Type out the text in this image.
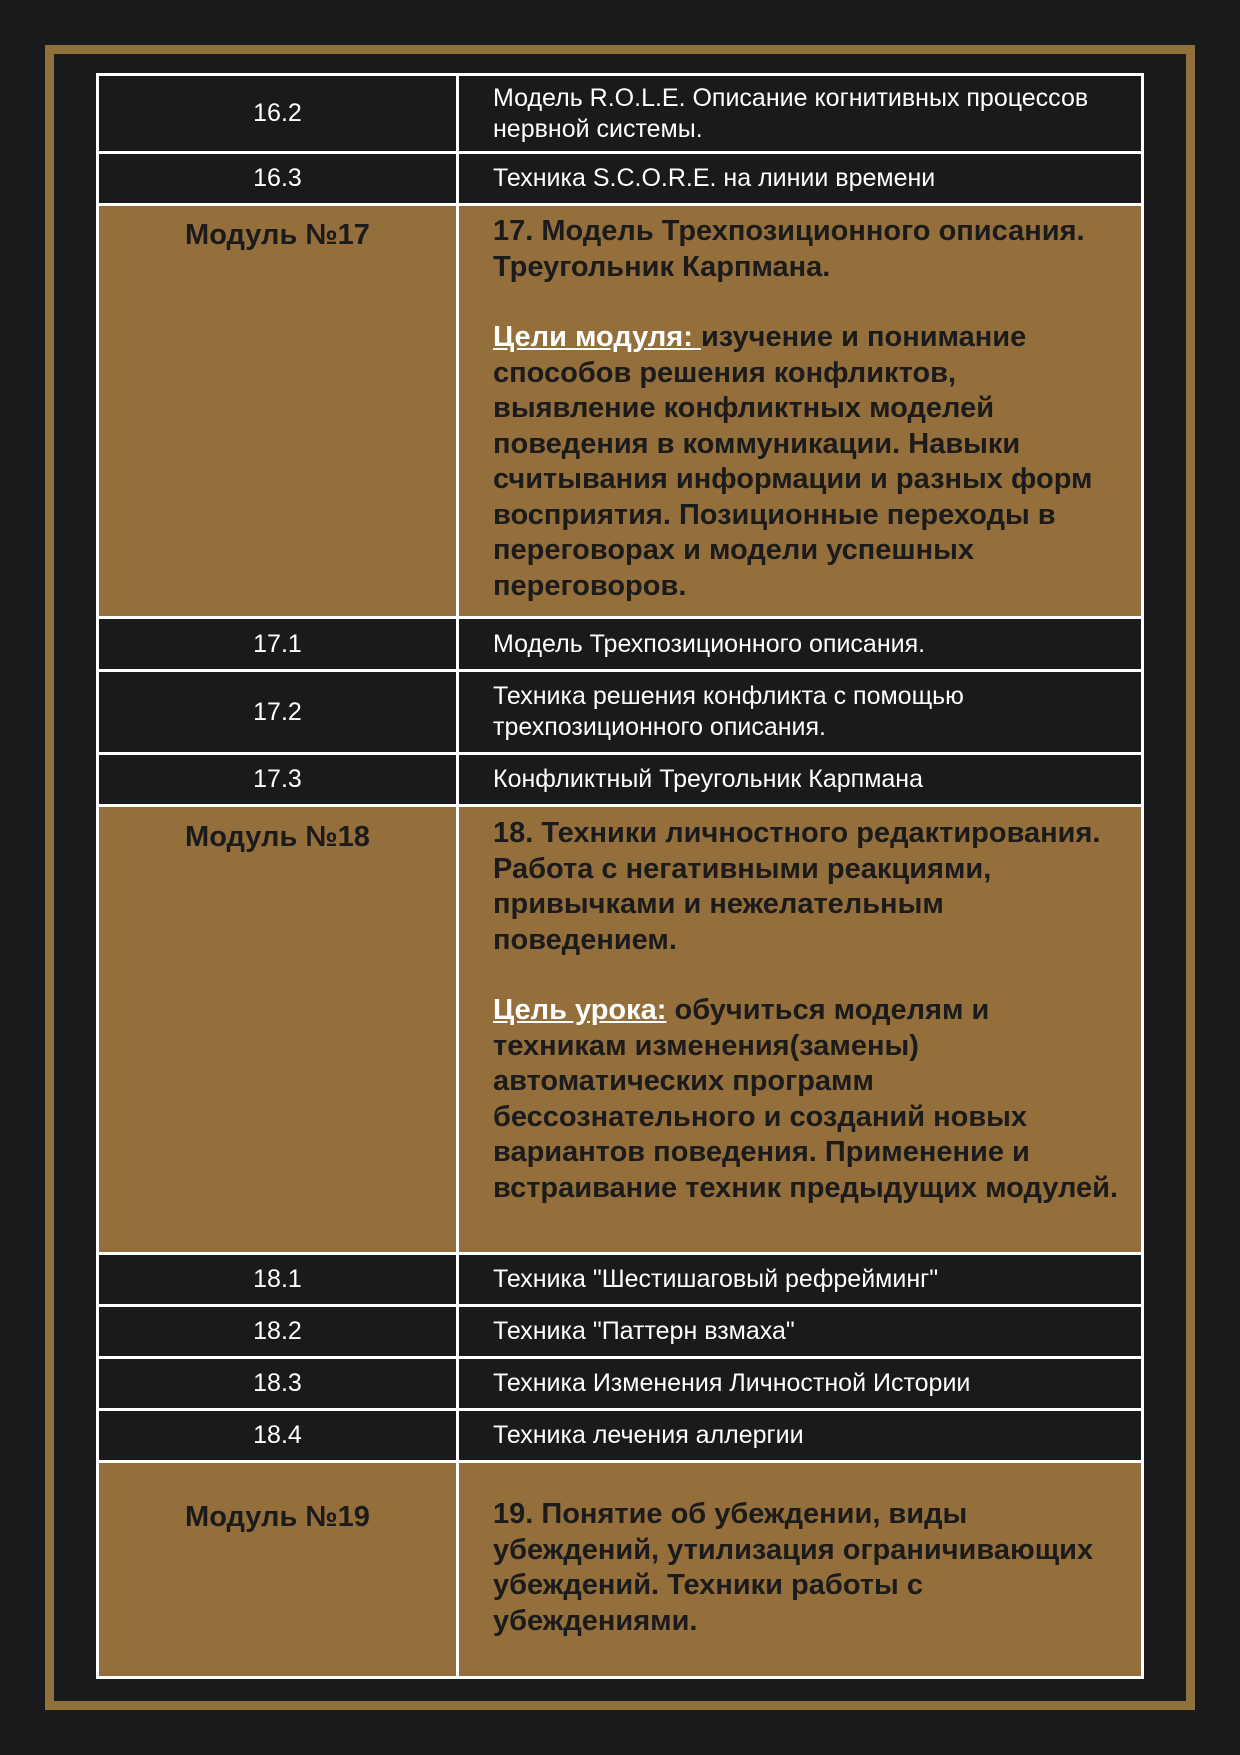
16.2	Модель R.O.L.E. Описание когнитивных процессов нервной системы.
16.3	Техника S.C.O.R.E. на линии времени
Модуль №17	17. Модель Трехпозиционного описания. Треугольник Карпмана.
Цели модуля: изучение и понимание способов решения конфликтов, выявление конфликтных моделей поведения в коммуникации. Навыки считывания информации и разных форм восприятия. Позиционные переходы в переговорах и модели успешных переговоров.

17.1	Модель Трехпозиционного описания.
17.2	Техника решения конфликта с помощью трехпозиционного описания.
17.3	Конфликтный Треугольник Карпмана
Модуль №18	18. Техники личностного редактирования. Работа с негативными реакциями, привычками и нежелательным поведением.
Цель урока: обучиться моделям и техникам изменения(замены) автоматических программ бессознательного и созданий новых вариантов поведения. Применение и встраивание техник предыдущих модулей.

18.1	Техника "Шестишаговый рефрейминг"
18.2	Техника "Паттерн взмаха"
18.3	Техника Изменения Личностной Истории
18.4	Техника лечения аллергии
Модуль №19	19. Понятие об убеждении, виды убеждений, утилизация ограничивающих убеждений. Техники работы с убеждениями.
